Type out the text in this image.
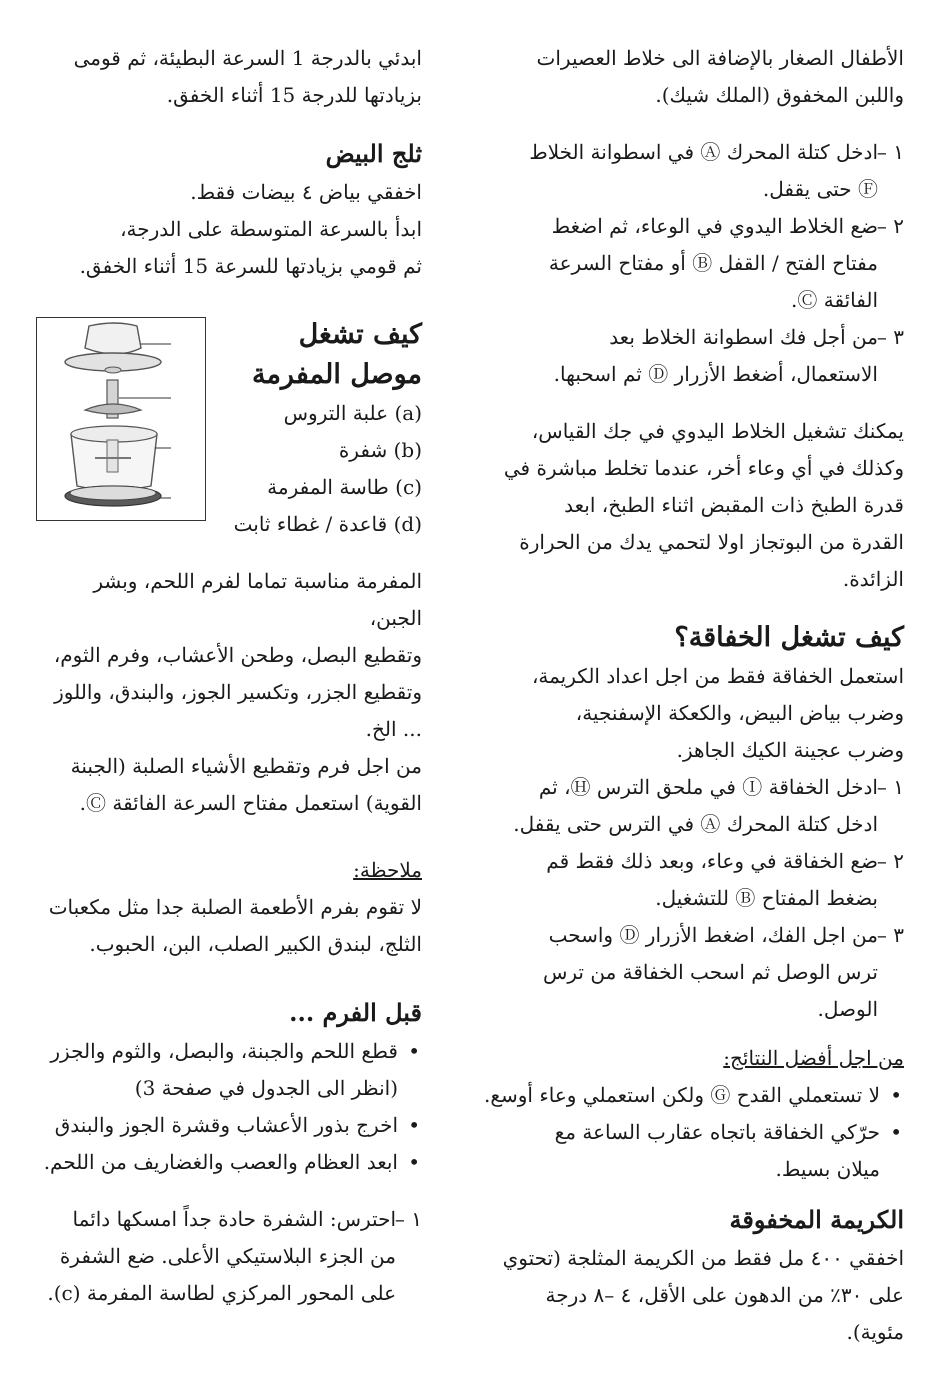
الأطفال الصغار بالإضافة الى خلاط العصيرات

واللبن المخفوق (الملك شيك).

١ –
ادخل كتلة المحرك Ⓐ في اسطوانة الخلاط
Ⓕ حتى يقفل.
٢ –
ضع الخلاط اليدوي في الوعاء، ثم اضغط
مفتاح الفتح / القفل Ⓑ أو مفتاح السرعة
الفائقة Ⓒ.
٣ –
من أجل فك اسطوانة الخلاط بعد
الاستعمال، أضغط الأزرار Ⓓ ثم اسحبها.

يمكنك تشغيل الخلاط اليدوي في جك القياس،

وكذلك في أي وعاء أخر، عندما تخلط مباشرة في

قدرة الطبخ ذات المقبض اثناء الطبخ، ابعد

القدرة من البوتجاز اولا لتحمي يدك من الحرارة

الزائدة.

كيف تشغل الخفاقة؟

استعمل الخفاقة فقط من اجل اعداد الكريمة،

وضرب بياض البيض، والكعكة الإسفنجية،

وضرب عجينة الكيك الجاهز.

١ –
ادخل الخفاقة Ⓘ في ملحق الترس Ⓗ، ثم
ادخل كتلة المحرك Ⓐ في الترس حتى يقفل.
٢ –
ضع الخفاقة في وعاء، وبعد ذلك فقط قم
بضغط المفتاح Ⓑ للتشغيل.
٣ –
من اجل الفك، اضغط الأزرار Ⓓ واسحب
ترس الوصل ثم اسحب الخفاقة من ترس الوصل.

من اجل أفضل النتائج:

• لا تستعملي القدح Ⓖ ولكن استعملي وعاء أوسع.
• حرّكي الخفاقة باتجاه عقارب الساعة مع
ميلان بسيط.
الكريمة المخفوقة

اخفقي ٤٠٠ مل فقط من الكريمة المثلجة (تحتوي

على ٣٠٪ من الدهون على الأقل، ٤ –٨ درجة مئوية).

ابدئي بالدرجة 1 السرعة البطيئة، ثم قومى

بزيادتها للدرجة 15 أثناء الخفق.

ثلج البيض

اخفقي بياض ٤ بيضات فقط.

ابدأ بالسرعة المتوسطة على الدرجة،

ثم قومي بزيادتها للسرعة 15 أثناء الخفق.

كيف تشغل
موصل المفرمة

(a) علبة التروس

(b) شفرة

(c) طاسة المفرمة

(d) قاعدة / غطاء ثابت

المفرمة مناسبة تماما لفرم اللحم، وبشر الجبن،

وتقطيع البصل، وطحن الأعشاب، وفرم الثوم،

وتقطيع الجزر، وتكسير الجوز، والبندق، واللوز

... الخ.

من اجل فرم وتقطيع الأشياء الصلبة (الجبنة

القوية) استعمل مفتاح السرعة الفائقة Ⓒ.

ملاحظة:

لا تقوم بفرم الأطعمة الصلبة جدا مثل مكعبات

الثلج، لبندق الكبير الصلب، البن، الحبوب.

قبل الفرم ...
• قطع اللحم والجبنة، والبصل، والثوم والجزر
(انظر الى الجدول في صفحة 3)
• اخرج بذور الأعشاب وقشرة الجوز والبندق
• ابعد العظام والعصب والغضاريف من اللحم.
١ –
احترس: الشفرة حادة جداً امسكها دائما
من الجزء البلاستيكي الأعلى. ضع الشفرة
على المحور المركزي لطاسة المفرمة (c).
